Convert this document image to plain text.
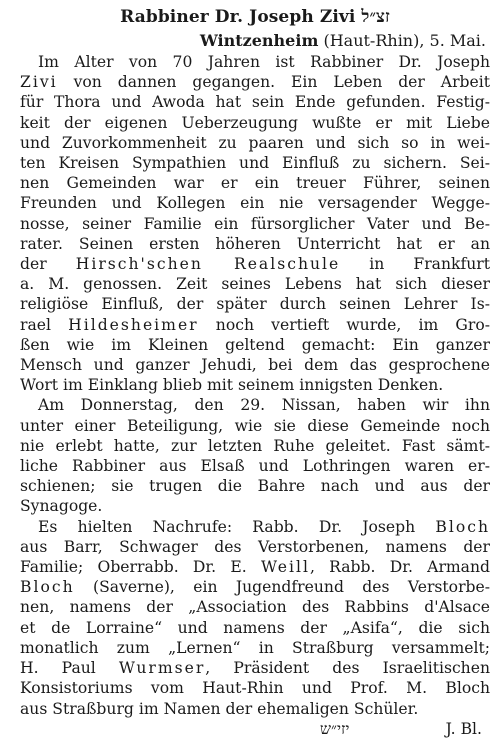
Rabbiner Dr. Joseph Zivi זצ״ל
Wintzenheim (Haut-Rhin), 5. Mai.
Im Alter von 70 Jahren ist Rabbiner Dr. Joseph
Zivi von dannen gegangen. Ein Leben der Arbeit
für Thora und Awoda hat sein Ende gefunden. Festig-
keit der eigenen Ueberzeugung wußte er mit Liebe
und Zuvorkommenheit zu paaren und sich so in wei-
ten Kreisen Sympathien und Einfluß zu sichern. Sei-
nen Gemeinden war er ein treuer Führer, seinen
Freunden und Kollegen ein nie versagender Wegge-
nosse, seiner Familie ein fürsorglicher Vater und Be-
rater. Seinen ersten höheren Unterricht hat er an
der Hirsch'schen Realschule in Frankfurt
a. M. genossen. Zeit seines Lebens hat sich dieser
religiöse Einfluß, der später durch seinen Lehrer Is-
rael Hildesheimer noch vertieft wurde, im Gro-
ßen wie im Kleinen geltend gemacht: Ein ganzer
Mensch und ganzer Jehudi, bei dem das gesprochene
Wort im Einklang blieb mit seinem innigsten Denken.
Am Donnerstag, den 29. Nissan, haben wir ihn
unter einer Beteiligung, wie sie diese Gemeinde noch
nie erlebt hatte, zur letzten Ruhe geleitet. Fast sämt-
liche Rabbiner aus Elsaß und Lothringen waren er-
schienen; sie trugen die Bahre nach und aus der
Synagoge.
Es hielten Nachrufe: Rabb. Dr. Joseph Bloch
aus Barr, Schwager des Verstorbenen, namens der
Familie; Oberrabb. Dr. E. Weill, Rabb. Dr. Armand
Bloch (Saverne), ein Jugendfreund des Verstorbe-
nen, namens der „Association des Rabbins d'Alsace
et de Lorraine“ und namens der „Asifa“, die sich
monatlich zum „Lernen“ in Straßburg versammelt;
H. Paul Wurmser, Präsident des Israelitischen
Konsistoriums vom Haut-Rhin und Prof. M. Bloch
aus Straßburg im Namen der ehemaligen Schüler.
יזי״ש	J. Bl.
